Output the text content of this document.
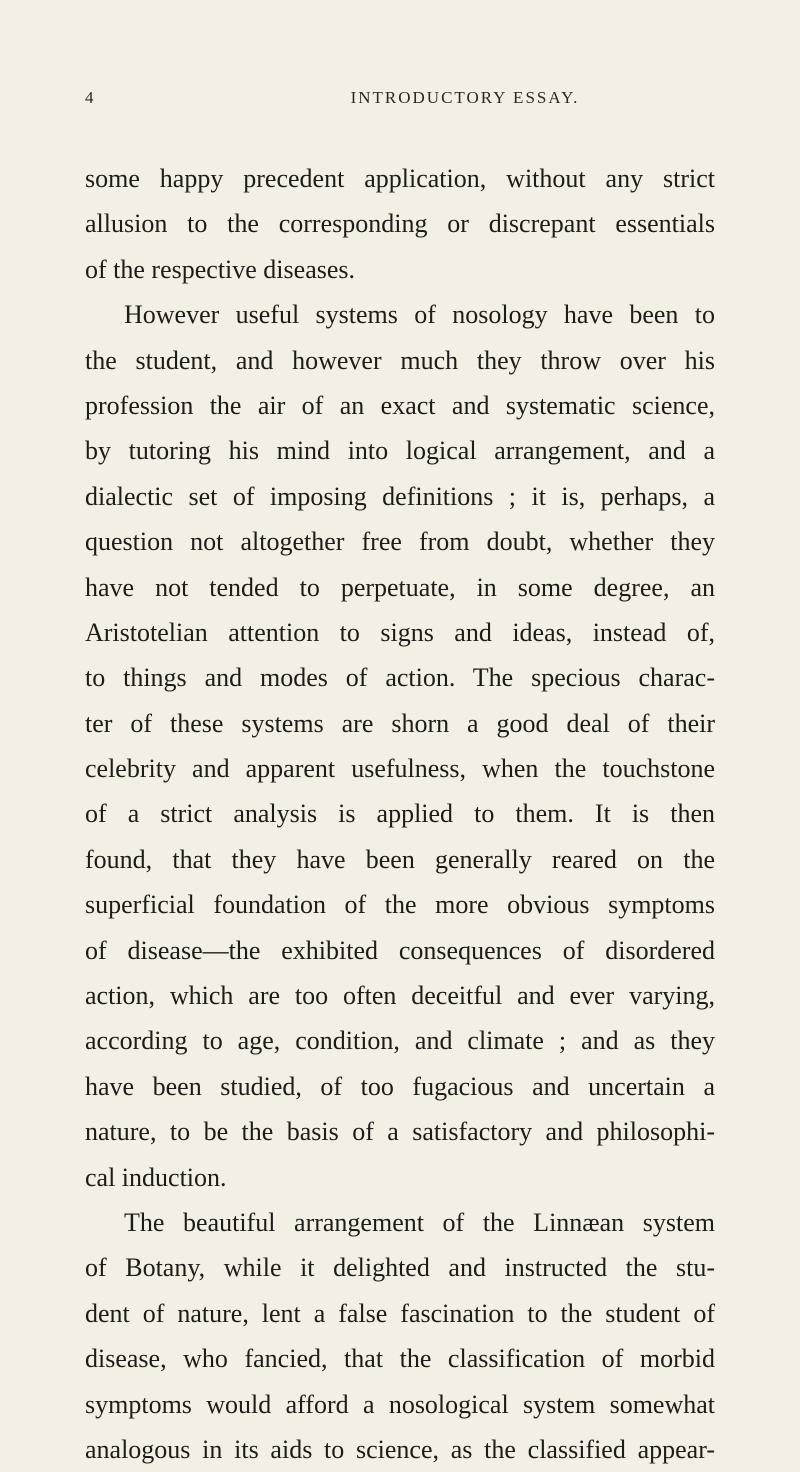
4	INTRODUCTORY ESSAY.
some happy precedent application, without any strict
allusion to the corresponding or discrepant essentials
of the respective diseases.
However useful systems of nosology have been to
the student, and however much they throw over his
profession the air of an exact and systematic science,
by tutoring his mind into logical arrangement, and a
dialectic set of imposing definitions ; it is, perhaps, a
question not altogether free from doubt, whether they
have not tended to perpetuate, in some degree, an
Aristotelian attention to signs and ideas, instead of,
to things and modes of action. The specious charac-
ter of these systems are shorn a good deal of their
celebrity and apparent usefulness, when the touchstone
of a strict analysis is applied to them. It is then
found, that they have been generally reared on the
superficial foundation of the more obvious symptoms
of disease—the exhibited consequences of disordered
action, which are too often deceitful and ever varying,
according to age, condition, and climate ; and as they
have been studied, of too fugacious and uncertain a
nature, to be the basis of a satisfactory and philosophi-
cal induction.
The beautiful arrangement of the Linnæan system
of Botany, while it delighted and instructed the stu-
dent of nature, lent a false fascination to the student of
disease, who fancied, that the classification of morbid
symptoms would afford a nosological system somewhat
analogous in its aids to science, as the classified appear-
